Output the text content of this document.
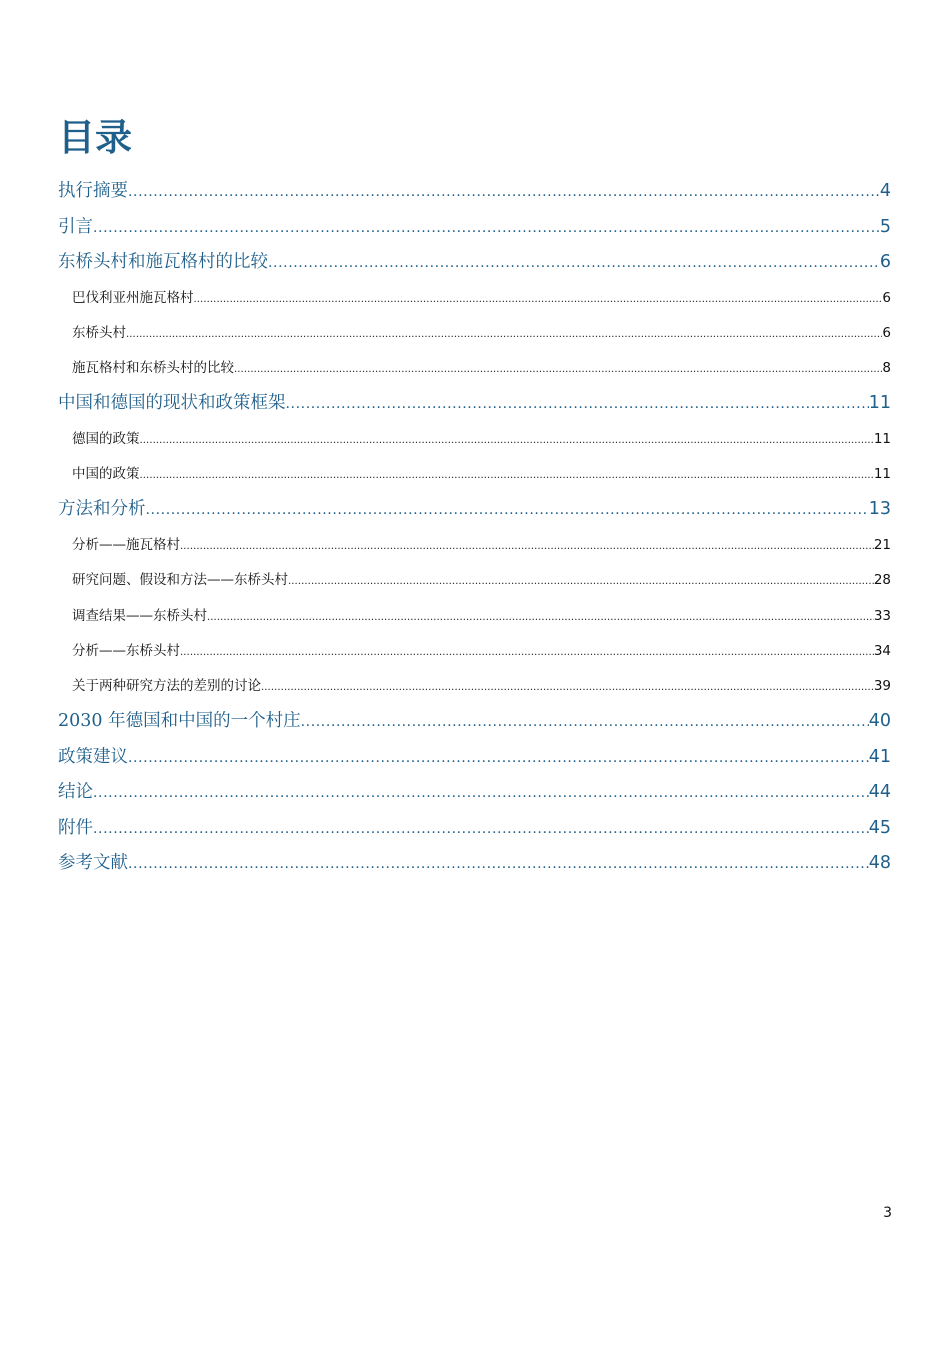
目录
执行摘要 .....	4
引言 .....	5
东桥头村和施瓦格村的比较 .....	6
巴伐利亚州施瓦格村 .....	6
东桥头村 .....	6
施瓦格村和东桥头村的比较 .....	8
中国和德国的现状和政策框架 .....	11
德国的政策 .....	11
中国的政策 .....	11
方法和分析 .....	13
分析——施瓦格村 .....	21
研究问题、假设和方法——东桥头村 .....	28
调查结果——东桥头村 .....	33
分析——东桥头村 .....	34
关于两种研究方法的差别的讨论 .....	39
2030 年德国和中国的一个村庄 .....	40
政策建议 .....	41
结论 .....	44
附件 .....	45
参考文献 .....	48
3
